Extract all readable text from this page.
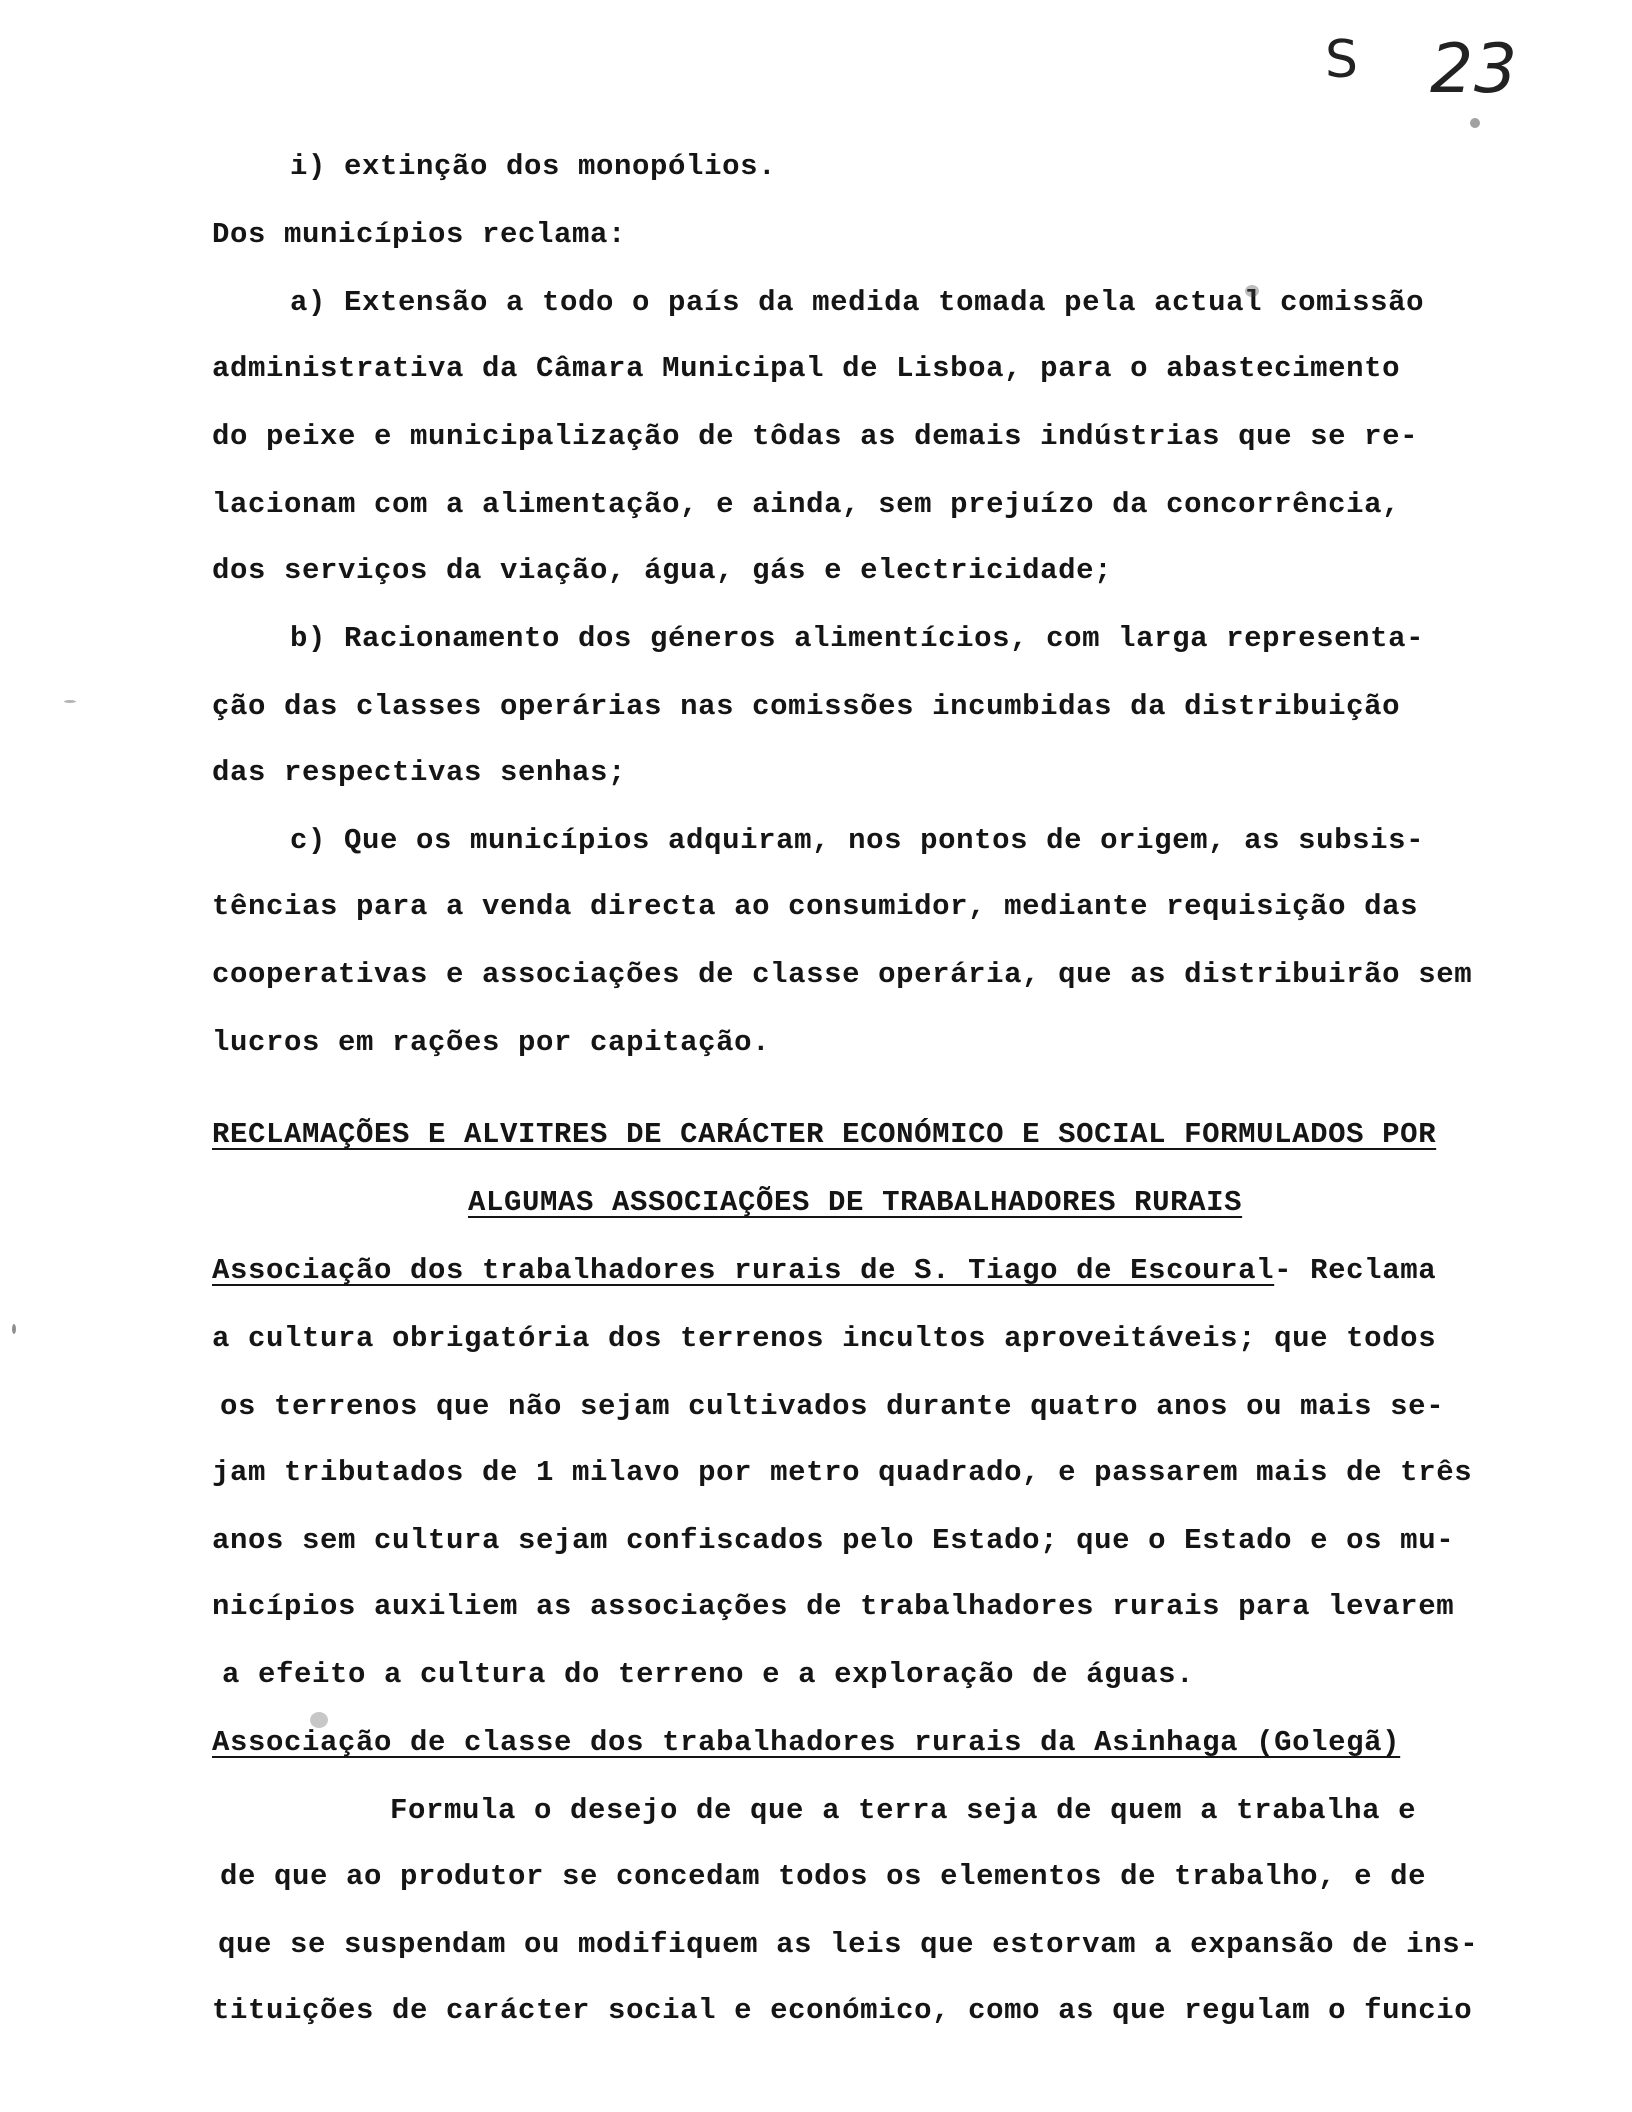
S 23
i) extinção dos monopólios.
Dos municípios reclama:
a) Extensão a todo o país da medida tomada pela actual comissão
administrativa da Câmara Municipal de Lisboa, para o abastecimento
do peixe e municipalização de tôdas as demais indústrias que se re-
lacionam com a alimentação, e ainda, sem prejuízo da concorrência,
dos serviços da viação, água, gás e electricidade;
b) Racionamento dos géneros alimentícios, com larga representa-
ção das classes operárias nas comissões incumbidas da distribuição
das respectivas senhas;
c) Que os municípios adquiram, nos pontos de origem, as subsis-
tências para a venda directa ao consumidor, mediante requisição das
cooperativas e associações de classe operária, que as distribuirão sem
lucros em rações por capitação.
RECLAMAÇÕES E ALVITRES DE CARÁCTER ECONÓMICO E SOCIAL FORMULADOS POR
ALGUMAS ASSOCIAÇÕES DE TRABALHADORES RURAIS
Associação dos trabalhadores rurais de S. Tiago de Escoural- Reclama
a cultura obrigatória dos terrenos incultos aproveitáveis; que todos
os terrenos que não sejam cultivados durante quatro anos ou mais se-
jam tributados de 1 milavo por metro quadrado, e passarem mais de três
anos sem cultura sejam confiscados pelo Estado; que o Estado e os mu-
nicípios auxiliem as associações de trabalhadores rurais para levarem
a efeito a cultura do terreno e a exploração de águas.
Associação de classe dos trabalhadores rurais da Asinhaga (Golegã)
Formula o desejo de que a terra seja de quem a trabalha e
de que ao produtor se concedam todos os elementos de trabalho, e de
que se suspendam ou modifiquem as leis que estorvam a expansão de ins-
tituições de carácter social e económico, como as que regulam o funcio
